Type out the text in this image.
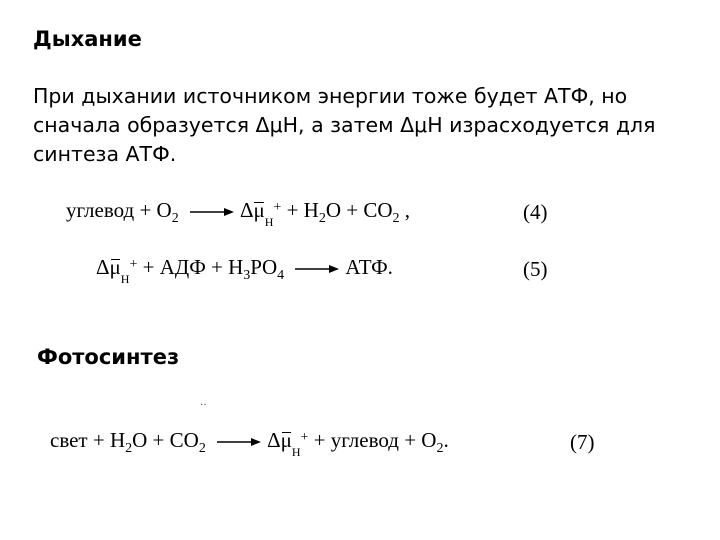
Дыхание
При дыхании источником энергии тоже будет АТФ, но
сначала образуется ΔμН, а затем ΔμН израсходуется для
синтеза АТФ.
углевод + $O_2 \to \Delta\mu_H^+ + H_2O + CO_2$ ,	(4)
$\Delta\mu_H^+$ + АДФ + $H_3PO_4$ → АТФ.	(5)
Фотосинтез
··
свет + $H_2O + CO_2 \to \Delta\mu_H^+$ + углевод + $O_2$.	(7)
